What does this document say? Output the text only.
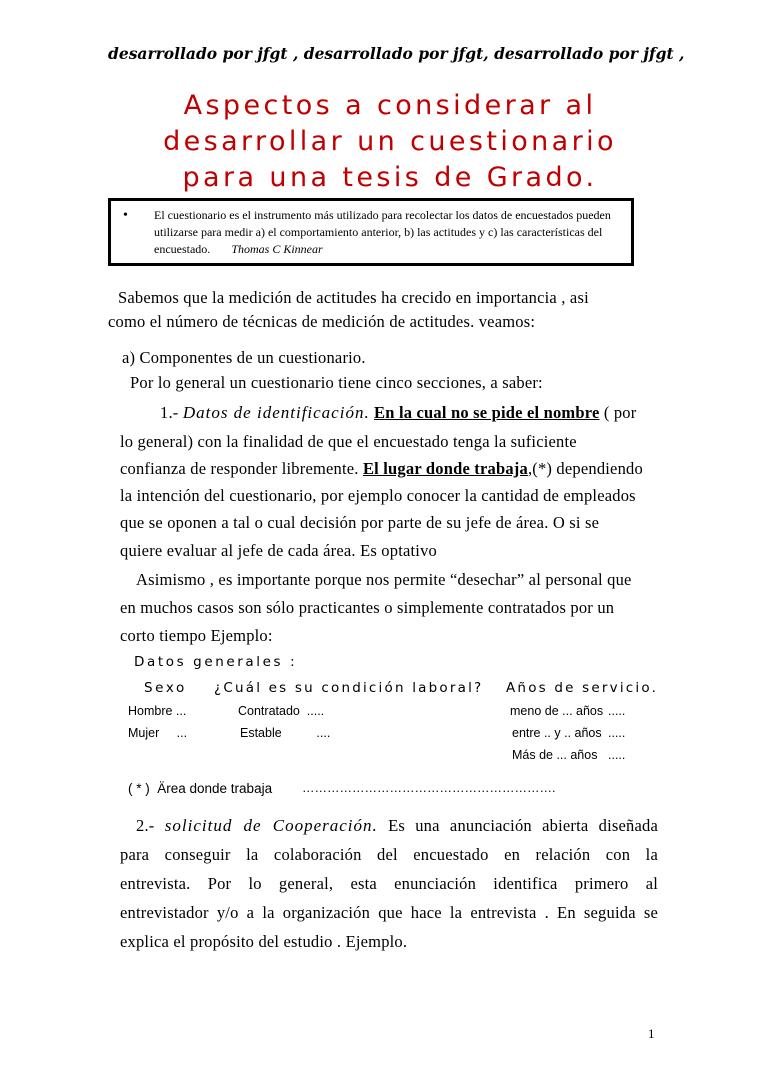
desarrollado por jfgt , desarrollado por jfgt, desarrollado por jfgt ,
Aspectos a considerar al
desarrollar un cuestionario
para una tesis de Grado.
• El cuestionario es el instrumento más utilizado para recolectar los datos de encuestados pueden utilizarse para medir a) el comportamiento anterior, b) las actitudes y c) las características del encuestado. Thomas C Kinnear
Sabemos que la medición de actitudes ha crecido en importancia , asi
como el número de técnicas de medición de actitudes. veamos:
a) Componentes de un cuestionario.
Por lo general un cuestionario tiene cinco secciones, a saber:
1.- Datos de identificación. En la cual no se pide el nombre ( por
lo general) con la finalidad de que el encuestado tenga la suficiente
confianza de responder libremente. El lugar donde trabaja,(*) dependiendo
la intención del cuestionario, por ejemplo conocer la cantidad de empleados
que se oponen a tal o cual decisión por parte de su jefe de área. O si se
quiere evaluar al jefe de cada área. Es optativo
Asimismo , es importante porque nos permite “desechar” al personal que
en muchos casos son sólo practicantes o simplemente contratados por un
corto tiempo Ejemplo:
Datos generales :
Sexo ¿Cuál es su condición laboral? Años de servicio.
Hombre ...
Mujer     ...
Contratado  .....
Estable          ....
meno de ... años .....
entre .. y .. años .....
Más de ... años .....
( * )  Ärea donde trabaja …………………………………………………….
2.- solicitud de Cooperación. Es una anunciación abierta diseñada
para conseguir la colaboración del encuestado en relación con la
entrevista. Por lo general, esta enunciación identifica primero al
entrevistador y/o a la organización que hace la entrevista . En seguida se
explica el propósito del estudio . Ejemplo.
1
